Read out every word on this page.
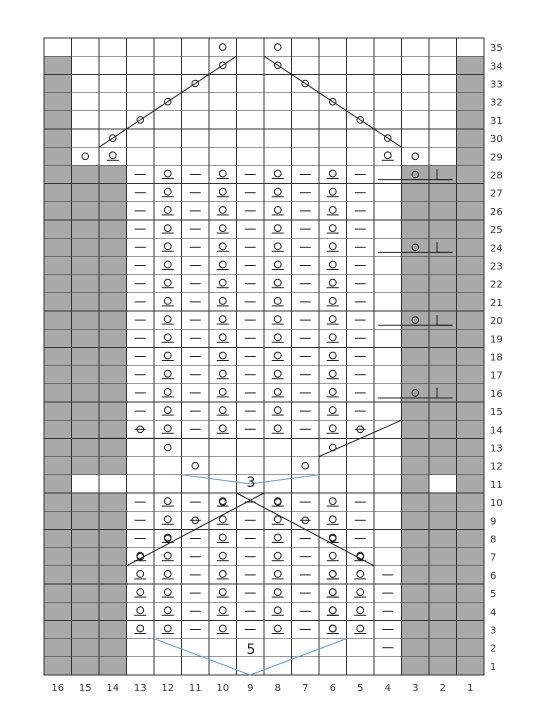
1
2
3
4
5
6
7
8
9
10
11
12
13
14
15
16
17
18
19
20
21
22
23
24
25
26
27
28
29
30
31
32
33
34
35
16 15 14 13 12 11 10 9 8 7 6 5 4 3 2 1
3
5
